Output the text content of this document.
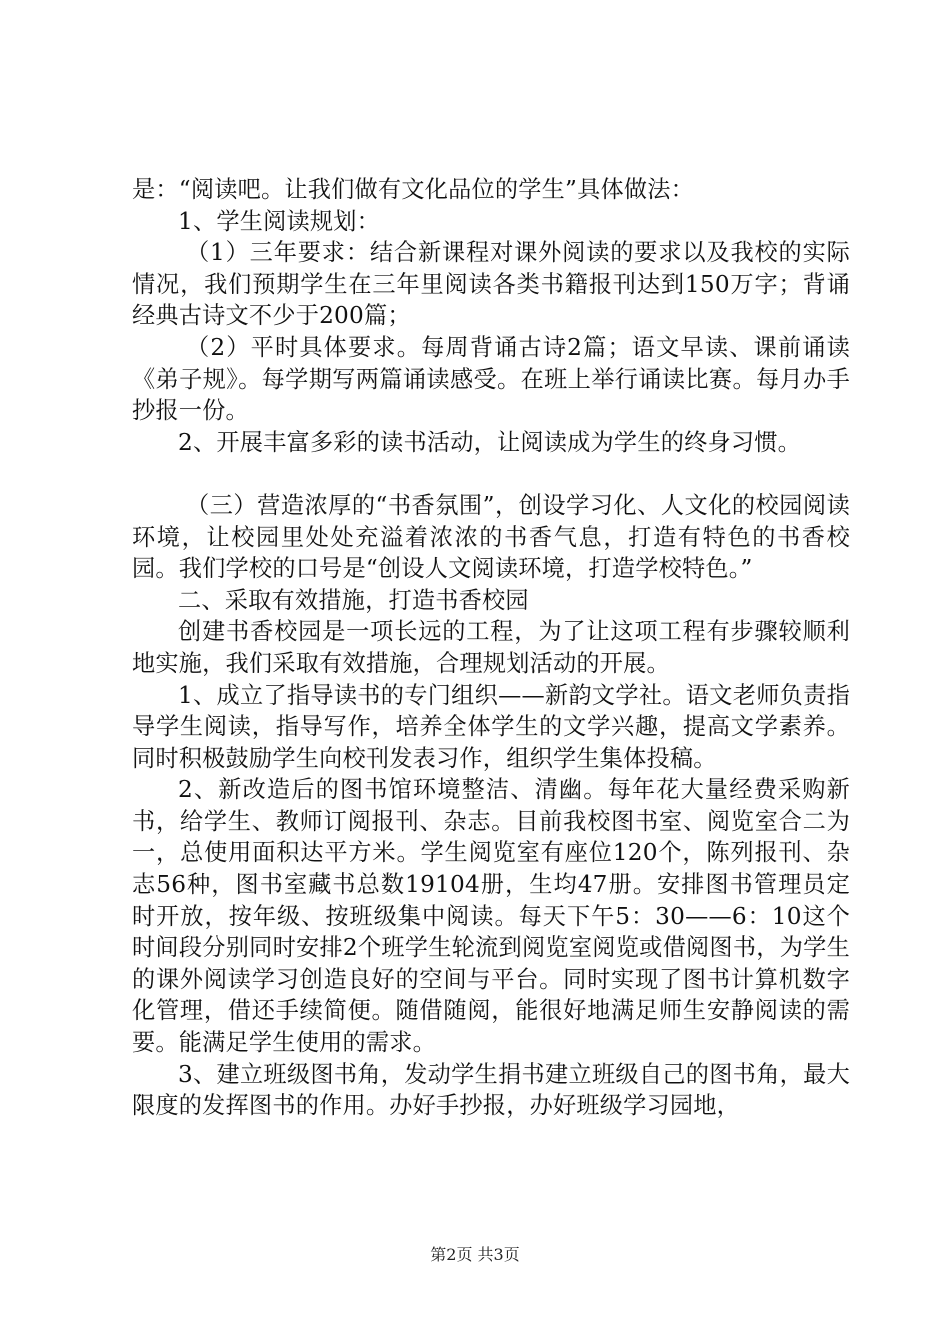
是：“阅读吧。让我们做有文化品位的学生”具体做法：

1、学生阅读规划：

（1）三年要求：结合新课程对课外阅读的要求以及我校的实际情况，我们预期学生在三年里阅读各类书籍报刊达到150万字；背诵经典古诗文不少于200篇；

（2）平时具体要求。每周背诵古诗2篇；语文早读、课前诵读《弟子规》。每学期写两篇诵读感受。在班上举行诵读比赛。每月办手抄报一份。

2、开展丰富多彩的读书活动，让阅读成为学生的终身习惯。

（三）营造浓厚的“书香氛围”，创设学习化、人文化的校园阅读环境，让校园里处处充溢着浓浓的书香气息，打造有特色的书香校园。我们学校的口号是“创设人文阅读环境，打造学校特色。”

二、采取有效措施，打造书香校园

创建书香校园是一项长远的工程，为了让这项工程有步骤较顺利地实施，我们采取有效措施，合理规划活动的开展。

1、成立了指导读书的专门组织——新韵文学社。语文老师负责指导学生阅读，指导写作，培养全体学生的文学兴趣，提高文学素养。同时积极鼓励学生向校刊发表习作，组织学生集体投稿。

2、新改造后的图书馆环境整洁、清幽。每年花大量经费采购新书，给学生、教师订阅报刊、杂志。目前我校图书室、阅览室合二为一，总使用面积达平方米。学生阅览室有座位120个，陈列报刊、杂志56种，图书室藏书总数19104册，生均47册。安排图书管理员定时开放，按年级、按班级集中阅读。每天下午5：30——6：10这个时间段分别同时安排2个班学生轮流到阅览室阅览或借阅图书，为学生的课外阅读学习创造良好的空间与平台。同时实现了图书计算机数字化管理，借还手续简便。随借随阅，能很好地满足师生安静阅读的需要。能满足学生使用的需求。

3、建立班级图书角，发动学生捐书建立班级自己的图书角，最大限度的发挥图书的作用。办好手抄报，办好班级学习园地，

第2页 共3页
